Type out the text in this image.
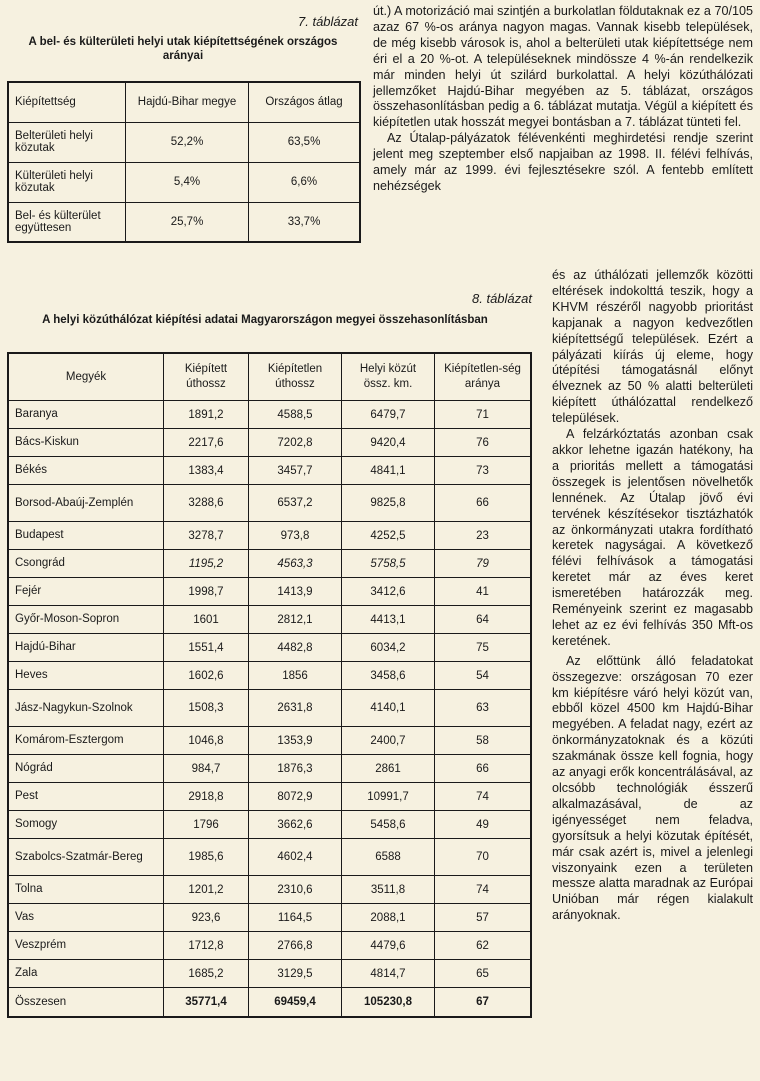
7. táblázat
A bel- és külterületi helyi utak kiépítettségének országos arányai
Kiépítettség	Hajdú-Bihar megye	Országos átlag
Belterületi helyi közutak	52,2%	63,5%
Külterületi helyi közutak	5,4%	6,6%
Bel- és külterület együttesen	25,7%	33,7%
8. táblázat
A helyi közúthálózat kiépítési adatai Magyarországon megyei összehasonlításban
Megyék	Kiépített úthossz	Kiépítetlen úthossz	Helyi közút össz. km.	Kiépítetlen-ség aránya
Baranya	1891,2	4588,5	6479,7	71
Bács-Kiskun	2217,6	7202,8	9420,4	76
Békés	1383,4	3457,7	4841,1	73
Borsod-Abaúj-Zemplén	3288,6	6537,2	9825,8	66
Budapest	3278,7	973,8	4252,5	23
Csongrád	1195,2	4563,3	5758,5	79
Fejér	1998,7	1413,9	3412,6	41
Győr-Moson-Sopron	1601	2812,1	4413,1	64
Hajdú-Bihar	1551,4	4482,8	6034,2	75
Heves	1602,6	1856	3458,6	54
Jász-Nagykun-Szolnok	1508,3	2631,8	4140,1	63
Komárom-Esztergom	1046,8	1353,9	2400,7	58
Nógrád	984,7	1876,3	2861	66
Pest	2918,8	8072,9	10991,7	74
Somogy	1796	3662,6	5458,6	49
Szabolcs-Szatmár-Bereg	1985,6	4602,4	6588	70
Tolna	1201,2	2310,6	3511,8	74
Vas	923,6	1164,5	2088,1	57
Veszprém	1712,8	2766,8	4479,6	62
Zala	1685,2	3129,5	4814,7	65
Összesen	35771,4	69459,4	105230,8	67

út.) A motorizáció mai szintjén a burkolatlan földutaknak ez a 70/105 azaz 67 %-os aránya nagyon magas. Vannak kisebb települések, de még kisebb városok is, ahol a belterületi utak kiépítettsége nem éri el a 20 %-ot. A településeknek mindössze 4 %-án rendelkezik már minden helyi út szilárd burkolattal. A helyi közúthálózati jellemzőket Hajdú-Bihar megyében az 5. táblázat, országos összehasonlításban pedig a 6. táblázat mutatja. Végül a kiépített és kiépítetlen utak hosszát megyei bontásban a 7. táblázat tünteti fel.

Az Útalap-pályázatok félévenkénti meghirdetési rendje szerint jelent meg szeptember első napjaiban az 1998. II. félévi felhívás, amely már az 1999. évi fejlesztésekre szól. A fentebb említett nehézségek

és az úthálózati jellemzők közötti eltérések indokolttá teszik, hogy a KHVM részéről nagyobb prioritást kapjanak a nagyon kedvezőtlen kiépítettségű települések. Ezért a pályázati kiírás új eleme, hogy útépítési támogatásnál előnyt élveznek az 50 % alatti belterületi kiépített úthálózattal rendelkező települések.

A felzárkóztatás azonban csak akkor lehetne igazán hatékony, ha a prioritás mellett a támogatási összegek is jelentősen növelhetők lennének. Az Útalap jövő évi tervének készítésekor tisztázhatók az önkormányzati utakra fordítható keretek nagyságai. A következő félévi felhívások a támogatási keretet már az éves keret ismeretében határozzák meg. Reményeink szerint ez magasabb lehet az ez évi felhívás 350 Mft-os keretének.

Az előttünk álló feladatokat összegezve: országosan 70 ezer km kiépítésre váró helyi közút van, ebből közel 4500 km Hajdú-Bihar megyében. A feladat nagy, ezért az önkormányzatoknak és a közúti szakmának össze kell fognia, hogy az anyagi erők koncentrálásával, az olcsóbb technológiák ésszerű alkalmazásával, de az igényességet nem feladva, gyorsítsuk a helyi közutak építését, már csak azért is, mivel a jelenlegi viszonyaink ezen a területen messze alatta maradnak az Európai Unióban már régen kialakult arányoknak.
